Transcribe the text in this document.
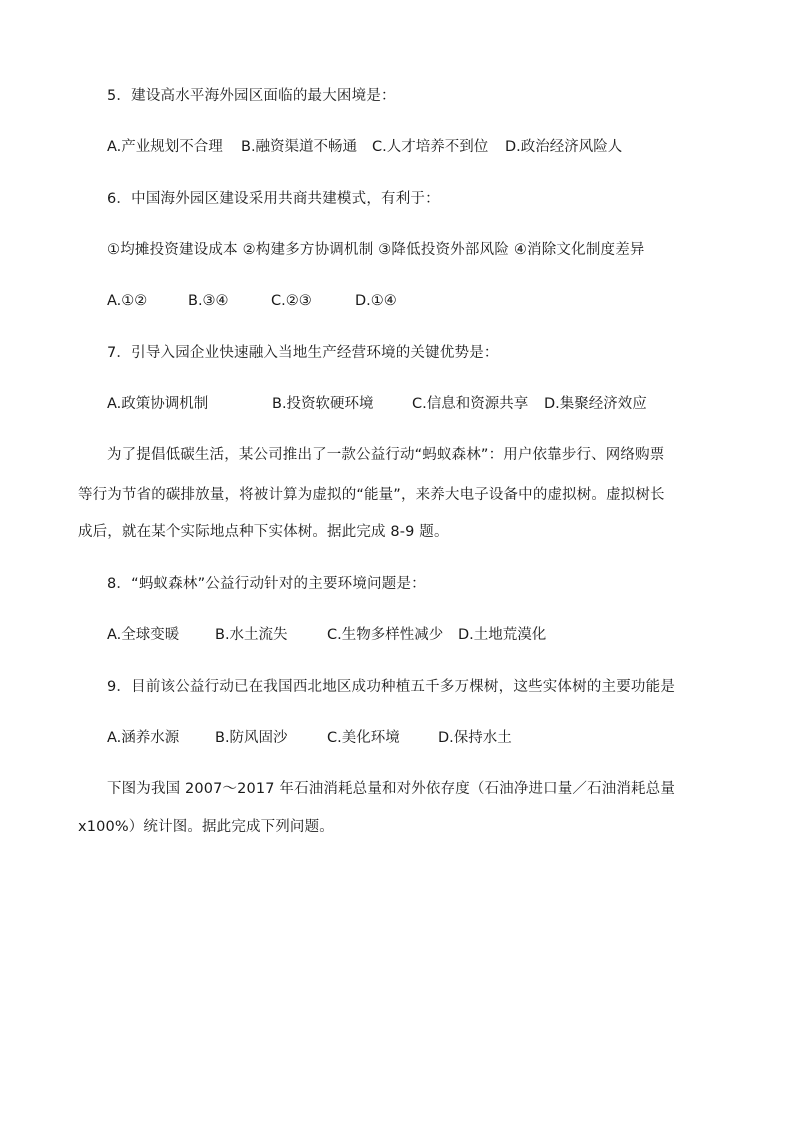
5．建设高水平海外园区面临的最大困境是：
A.产业规划不合理 B.融资渠道不畅通 C.人才培养不到位 D.政治经济风险人
6．中国海外园区建设采用共商共建模式，有利于：
①均摊投资建设成本 ②构建多方协调机制 ③降低投资外部风险 ④消除文化制度差异
A.①②	B.③④	C.②③	D.①④
7．引导入园企业快速融入当地生产经营环境的关键优势是：
A.政策协调机制	B.投资软硬环境	C.信息和资源共享 D.集聚经济效应
为了提倡低碳生活，某公司推出了一款公益行动“蚂蚁森林”：用户依靠步行、网络购票
等行为节省的碳排放量，将被计算为虚拟的“能量”，来养大电子设备中的虚拟树。虚拟树长
成后，就在某个实际地点种下实体树。据此完成 8-9 题。
8．“蚂蚁森林”公益行动针对的主要环境问题是：
A.全球变暖 B.水土流失	C.生物多样性减少 D.土地荒漠化
9．目前该公益行动已在我国西北地区成功种植五千多万棵树，这些实体树的主要功能是
A.涵养水源 B.防风固沙	C.美化环境	D.保持水土
下图为我国 2007～2017 年石油消耗总量和对外依存度（石油净进口量／石油消耗总量
x100%）统计图。据此完成下列问题。
